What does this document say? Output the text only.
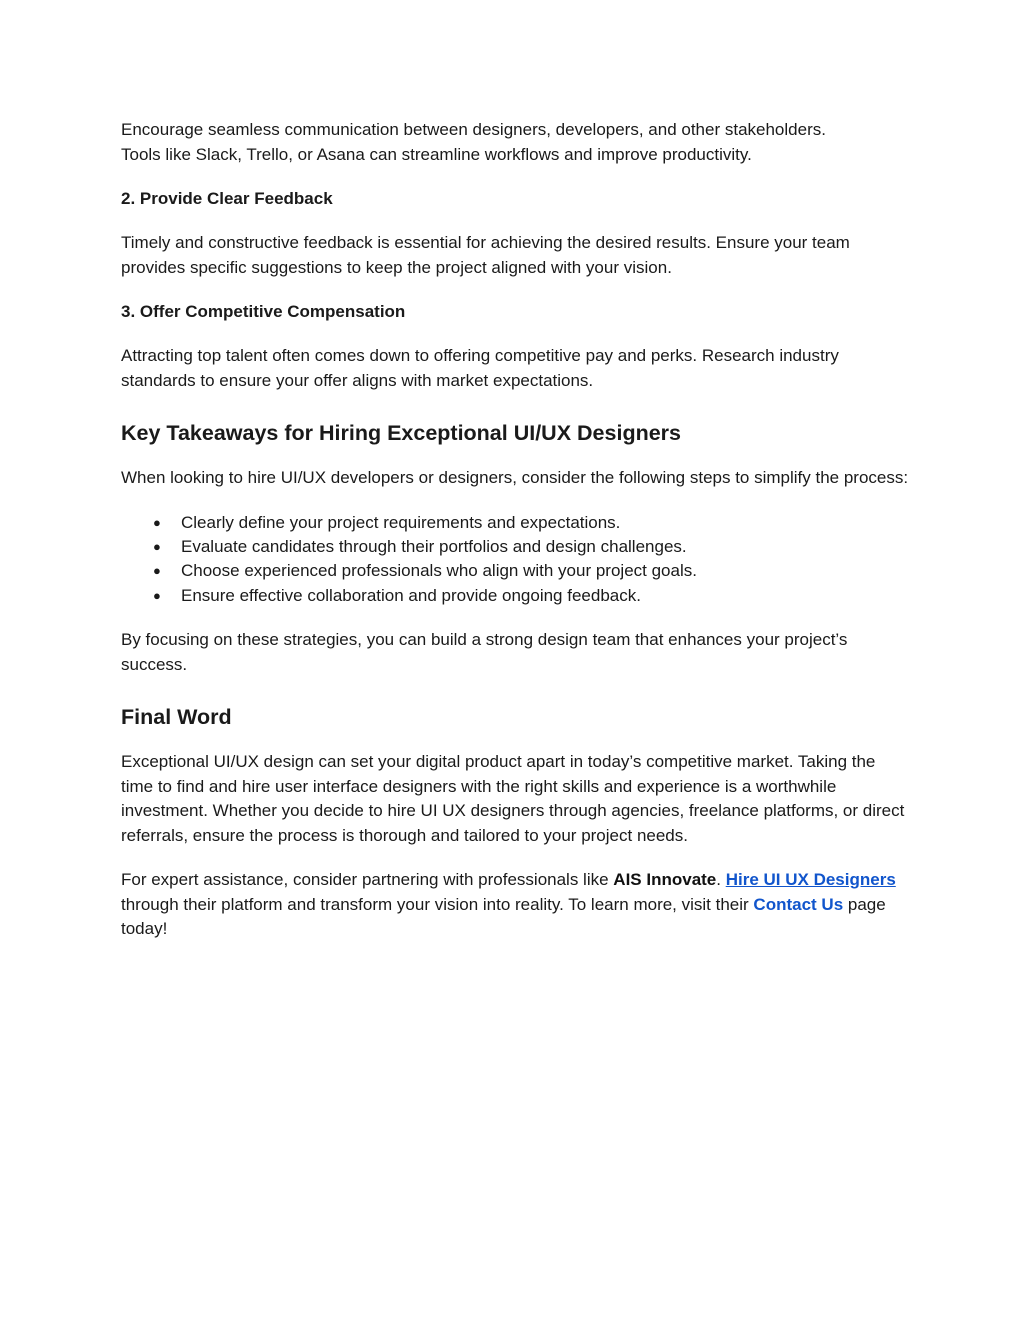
Encourage seamless communication between designers, developers, and other stakeholders.
Tools like Slack, Trello, or Asana can streamline workflows and improve productivity.

2. Provide Clear Feedback

Timely and constructive feedback is essential for achieving the desired results. Ensure your team provides specific suggestions to keep the project aligned with your vision.

3. Offer Competitive Compensation

Attracting top talent often comes down to offering competitive pay and perks. Research industry standards to ensure your offer aligns with market expectations.

Key Takeaways for Hiring Exceptional UI/UX Designers

When looking to hire UI/UX developers or designers, consider the following steps to simplify the process:

● Clearly define your project requirements and expectations.
● Evaluate candidates through their portfolios and design challenges.
● Choose experienced professionals who align with your project goals.
● Ensure effective collaboration and provide ongoing feedback.

By focusing on these strategies, you can build a strong design team that enhances your project’s success.

Final Word

Exceptional UI/UX design can set your digital product apart in today’s competitive market. Taking the time to find and hire user interface designers with the right skills and experience is a worthwhile investment. Whether you decide to hire UI UX designers through agencies, freelance platforms, or direct referrals, ensure the process is thorough and tailored to your project needs.

For expert assistance, consider partnering with professionals like AIS Innovate. Hire UI UX Designers through their platform and transform your vision into reality. To learn more, visit their Contact Us page today!
